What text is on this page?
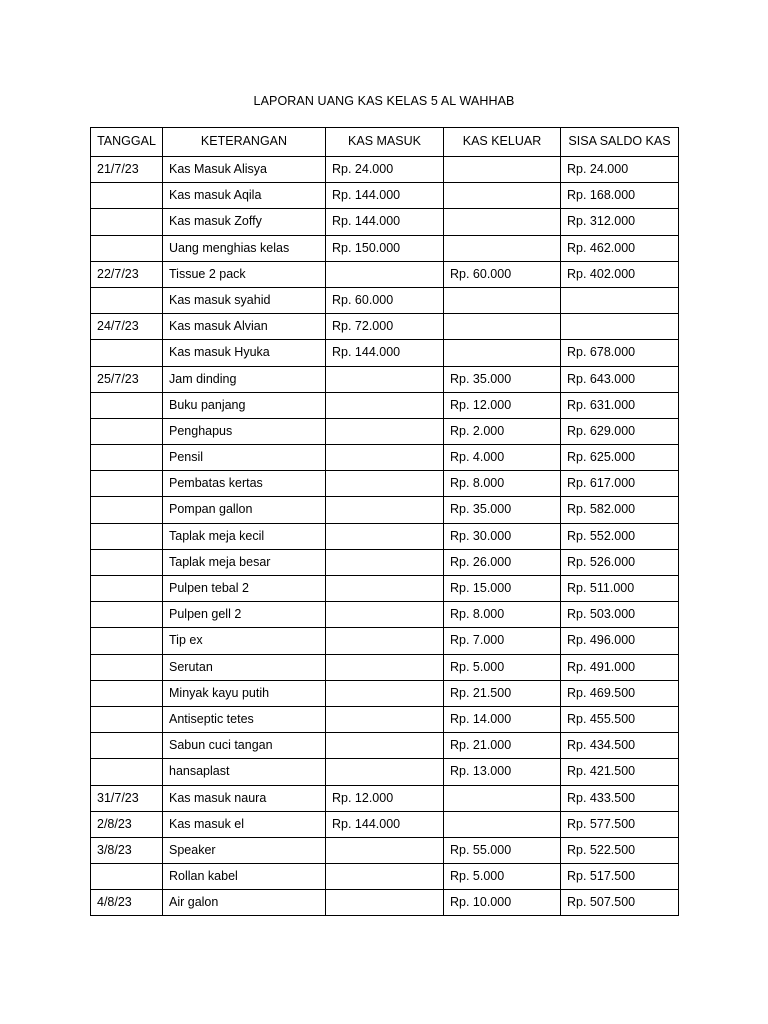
LAPORAN UANG KAS KELAS 5 AL WAHHAB
TANGGAL	KETERANGAN	KAS MASUK	KAS KELUAR	SISA SALDO KAS
21/7/23	Kas Masuk Alisya	Rp. 24.000		Rp. 24.000
	Kas masuk Aqila	Rp. 144.000		Rp. 168.000
	Kas masuk Zoffy	Rp. 144.000		Rp. 312.000
	Uang menghias kelas	Rp. 150.000		Rp. 462.000
22/7/23	Tissue 2 pack		Rp. 60.000	Rp. 402.000
	Kas masuk syahid	Rp. 60.000		
24/7/23	Kas masuk Alvian	Rp. 72.000		
	Kas masuk Hyuka	Rp. 144.000		Rp. 678.000
25/7/23	Jam dinding		Rp. 35.000	Rp. 643.000
	Buku panjang		Rp. 12.000	Rp. 631.000
	Penghapus		Rp. 2.000	Rp. 629.000
	Pensil		Rp. 4.000	Rp. 625.000
	Pembatas kertas		Rp. 8.000	Rp. 617.000
	Pompan gallon		Rp. 35.000	Rp. 582.000
	Taplak meja kecil		Rp. 30.000	Rp. 552.000
	Taplak meja besar		Rp. 26.000	Rp. 526.000
	Pulpen tebal 2		Rp. 15.000	Rp. 511.000
	Pulpen gell 2		Rp. 8.000	Rp. 503.000
	Tip ex		Rp. 7.000	Rp. 496.000
	Serutan		Rp. 5.000	Rp. 491.000
	Minyak kayu putih		Rp. 21.500	Rp. 469.500
	Antiseptic tetes		Rp. 14.000	Rp. 455.500
	Sabun cuci tangan		Rp. 21.000	Rp. 434.500
	hansaplast		Rp. 13.000	Rp. 421.500
31/7/23	Kas masuk naura	Rp. 12.000		Rp. 433.500
2/8/23	Kas masuk el	Rp. 144.000		Rp. 577.500
3/8/23	Speaker		Rp. 55.000	Rp. 522.500
	Rollan kabel		Rp. 5.000	Rp. 517.500
4/8/23	Air galon		Rp. 10.000	Rp. 507.500
